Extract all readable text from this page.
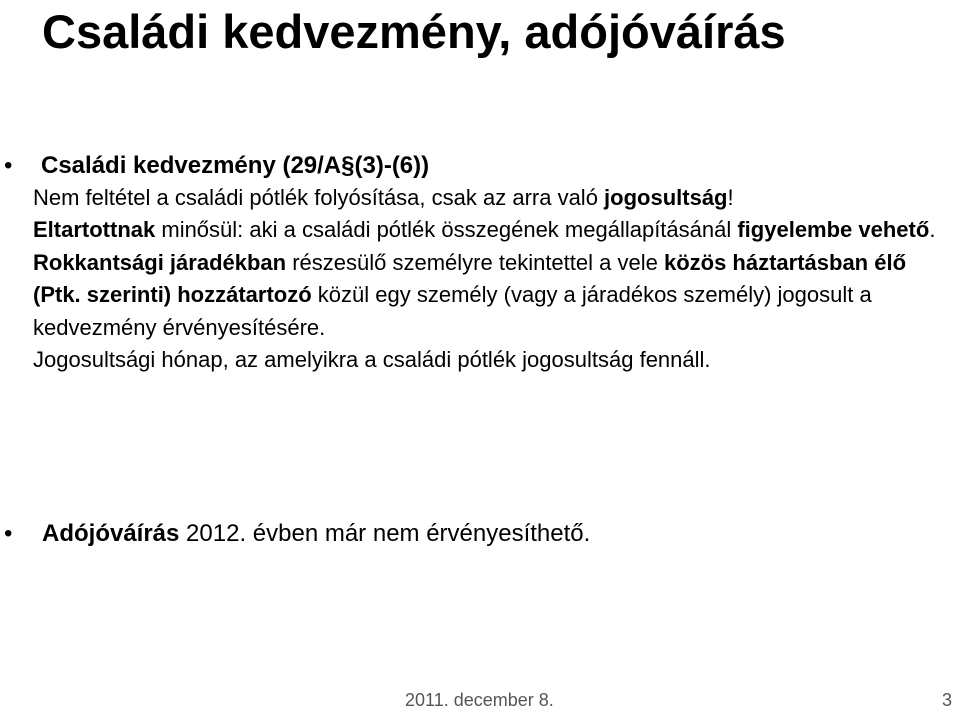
Családi kedvezmény, adójóváírás
•	Családi kedvezmény (29/A§(3)-(6))
Nem feltétel a családi pótlék folyósítása, csak az arra való jogosultság!
Eltartottnak minősül: aki a családi pótlék összegének megállapításánál figyelembe vehető.
Rokkantsági járadékban részesülő személyre tekintettel a vele közös háztartásban élő (Ptk. szerinti) hozzátartozó közül egy személy (vagy a járadékos személy) jogosult a kedvezmény érvényesítésére.
Jogosultsági hónap, az amelyikra a családi pótlék jogosultság fennáll.
• Adójóváírás 2012. évben már nem érvényesíthető.
2011. december 8.	3
